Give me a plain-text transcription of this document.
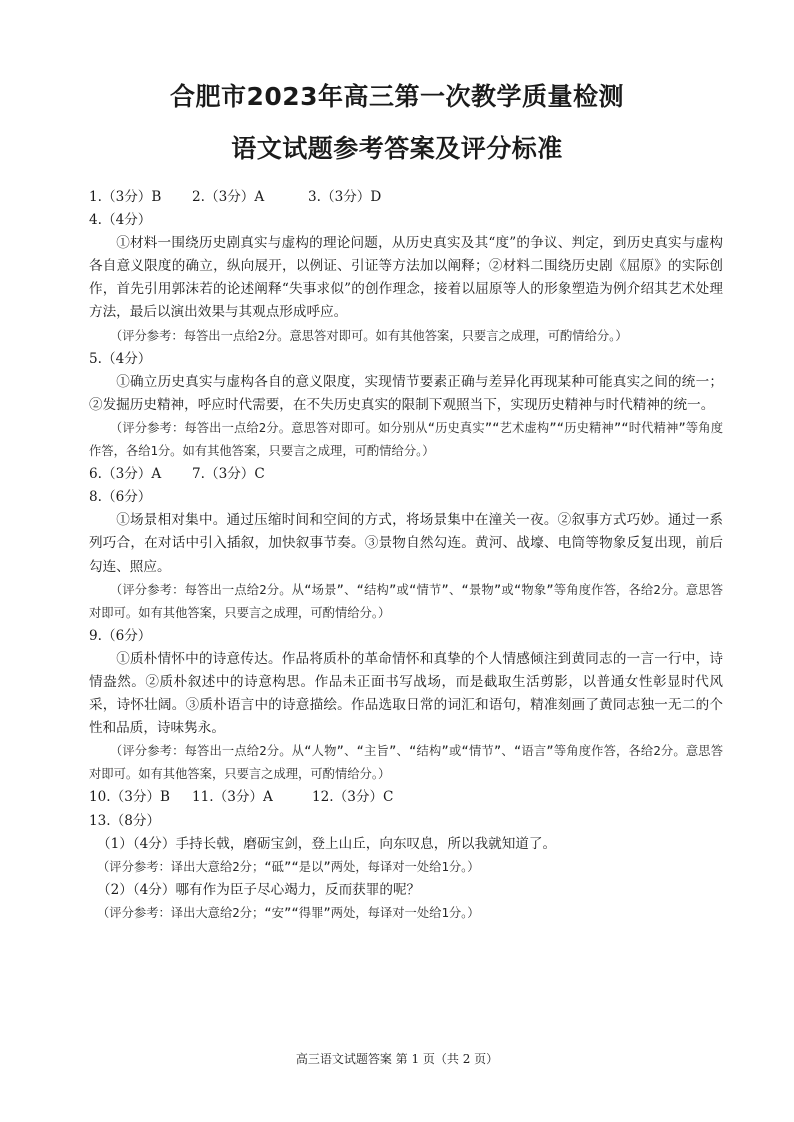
合肥市2023年高三第一次教学质量检测
语文试题参考答案及评分标准
1.（3分）B 2.（3分）A	3.（3分）D
4.（4分）

①材料一围绕历史剧真实与虚构的理论问题，从历史真实及其“度”的争议、判定，到历史真实与虚构各自意义限度的确立，纵向展开，以例证、引证等方法加以阐释；②材料二围绕历史剧《屈原》的实际创作，首先引用郭沫若的论述阐释“失事求似”的创作理念，接着以屈原等人的形象塑造为例介绍其艺术处理方法，最后以演出效果与其观点形成呼应。

（评分参考：每答出一点给2分。意思答对即可。如有其他答案，只要言之成理，可酌情给分。）

5.（4分）

①确立历史真实与虚构各自的意义限度，实现情节要素正确与差异化再现某种可能真实之间的统一；②发掘历史精神，呼应时代需要，在不失历史真实的限制下观照当下，实现历史精神与时代精神的统一。

（评分参考：每答出一点给2分。意思答对即可。如分别从“历史真实”“艺术虚构”“历史精神”“时代精神”等角度作答，各给1分。如有其他答案，只要言之成理，可酌情给分。）

6.（3分）A 7.（3分）C
8.（6分）

①场景相对集中。通过压缩时间和空间的方式，将场景集中在潼关一夜。②叙事方式巧妙。通过一系列巧合，在对话中引入插叙，加快叙事节奏。③景物自然勾连。黄河、战壕、电筒等物象反复出现，前后勾连、照应。

（评分参考：每答出一点给2分。从“场景”、“结构”或“情节”、“景物”或“物象”等角度作答，各给2分。意思答对即可。如有其他答案，只要言之成理，可酌情给分。）

9.（6分）

①质朴情怀中的诗意传达。作品将质朴的革命情怀和真挚的个人情感倾注到黄同志的一言一行中，诗情盎然。②质朴叙述中的诗意构思。作品未正面书写战场，而是截取生活剪影，以普通女性彰显时代风采，诗怀壮阔。③质朴语言中的诗意描绘。作品选取日常的词汇和语句，精准刻画了黄同志独一无二的个性和品质，诗味隽永。

（评分参考：每答出一点给2分。从“人物”、“主旨”、“结构”或“情节”、“语言”等角度作答，各给2分。意思答对即可。如有其他答案，只要言之成理，可酌情给分。）

10.（3分）B 11.（3分）A	12.（3分）C
13.（8分）

（1）（4分）手持长戟，磨砺宝剑，登上山丘，向东叹息，所以我就知道了。

（评分参考：译出大意给2分；“砥”“是以”两处，每译对一处给1分。）

（2）（4分）哪有作为臣子尽心竭力，反而获罪的呢？

（评分参考：译出大意给2分；“安”“得罪”两处，每译对一处给1分。）

高三语文试题答案 第 1 页（共 2 页）
